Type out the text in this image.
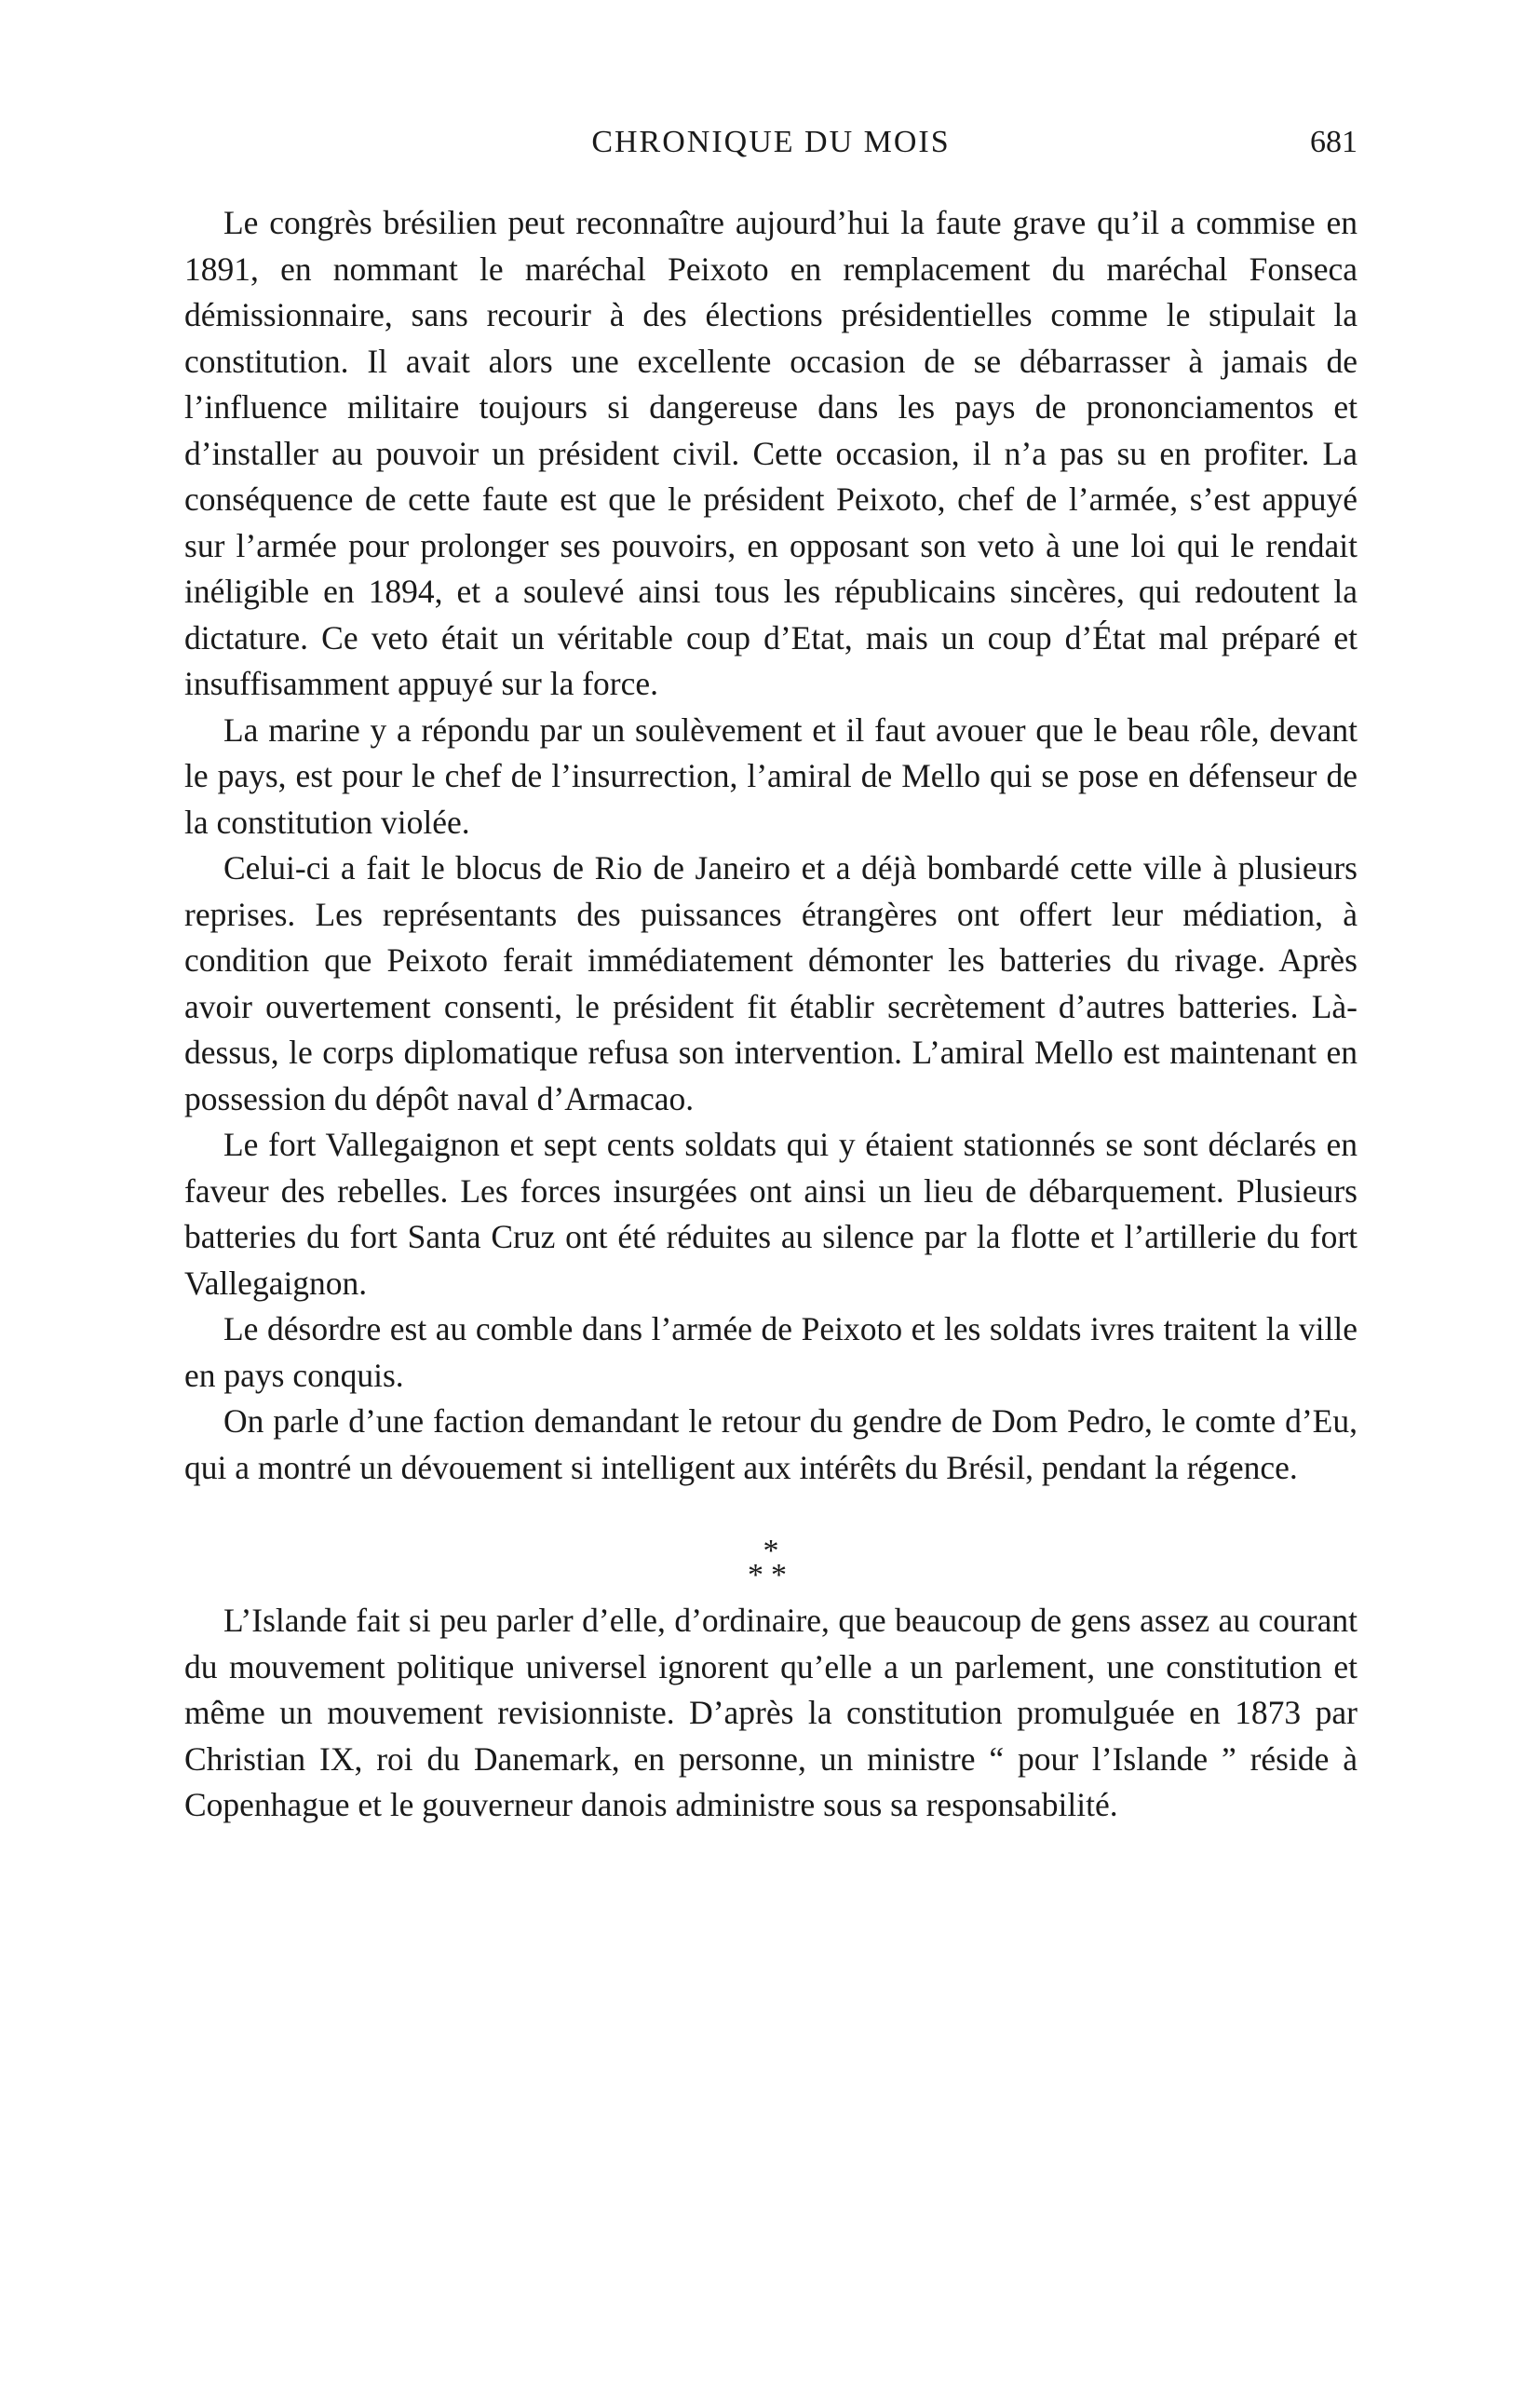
CHRONIQUE DU MOIS	681

Le congrès brésilien peut reconnaître aujourd’hui la faute grave qu’il a commise en 1891, en nommant le maréchal Peixoto en remplacement du maréchal Fonseca démissionnaire, sans recourir à des élections présidentielles comme le stipulait la constitution. Il avait alors une excellente occasion de se débarrasser à jamais de l’influence militaire toujours si dangereuse dans les pays de prononciamentos et d’installer au pouvoir un président civil. Cette occasion, il n’a pas su en profiter. La conséquence de cette faute est que le président Peixoto, chef de l’armée, s’est appuyé sur l’armée pour prolonger ses pouvoirs, en opposant son veto à une loi qui le rendait inéligible en 1894, et a soulevé ainsi tous les républicains sincères, qui redoutent la dictature. Ce veto était un véritable coup d’Etat, mais un coup d’État mal préparé et insuffisamment appuyé sur la force.

La marine y a répondu par un soulèvement et il faut avouer que le beau rôle, devant le pays, est pour le chef de l’insurrection, l’amiral de Mello qui se pose en défenseur de la constitution violée.

Celui-ci a fait le blocus de Rio de Janeiro et a déjà bombardé cette ville à plusieurs reprises. Les représentants des puissances étrangères ont offert leur médiation, à condition que Peixoto ferait immédiatement démonter les batteries du rivage. Après avoir ouvertement consenti, le président fit établir secrètement d’autres batteries. Là-dessus, le corps diplomatique refusa son intervention. L’amiral Mello est maintenant en possession du dépôt naval d’Armacao.

Le fort Vallegaignon et sept cents soldats qui y étaient stationnés se sont déclarés en faveur des rebelles. Les forces insurgées ont ainsi un lieu de débarquement. Plusieurs batteries du fort Santa Cruz ont été réduites au silence par la flotte et l’artillerie du fort Vallegaignon.

Le désordre est au comble dans l’armée de Peixoto et les soldats ivres traitent la ville en pays conquis.

On parle d’une faction demandant le retour du gendre de Dom Pedro, le comte d’Eu, qui a montré un dévouement si intelligent aux intérêts du Brésil, pendant la régence.

*
**

L’Islande fait si peu parler d’elle, d’ordinaire, que beaucoup de gens assez au courant du mouvement politique universel ignorent qu’elle a un parlement, une constitution et même un mouvement revisionniste. D’après la constitution promulguée en 1873 par Christian IX, roi du Danemark, en personne, un ministre “ pour l’Islande ” réside à Copenhague et le gouverneur danois administre sous sa responsabilité.
